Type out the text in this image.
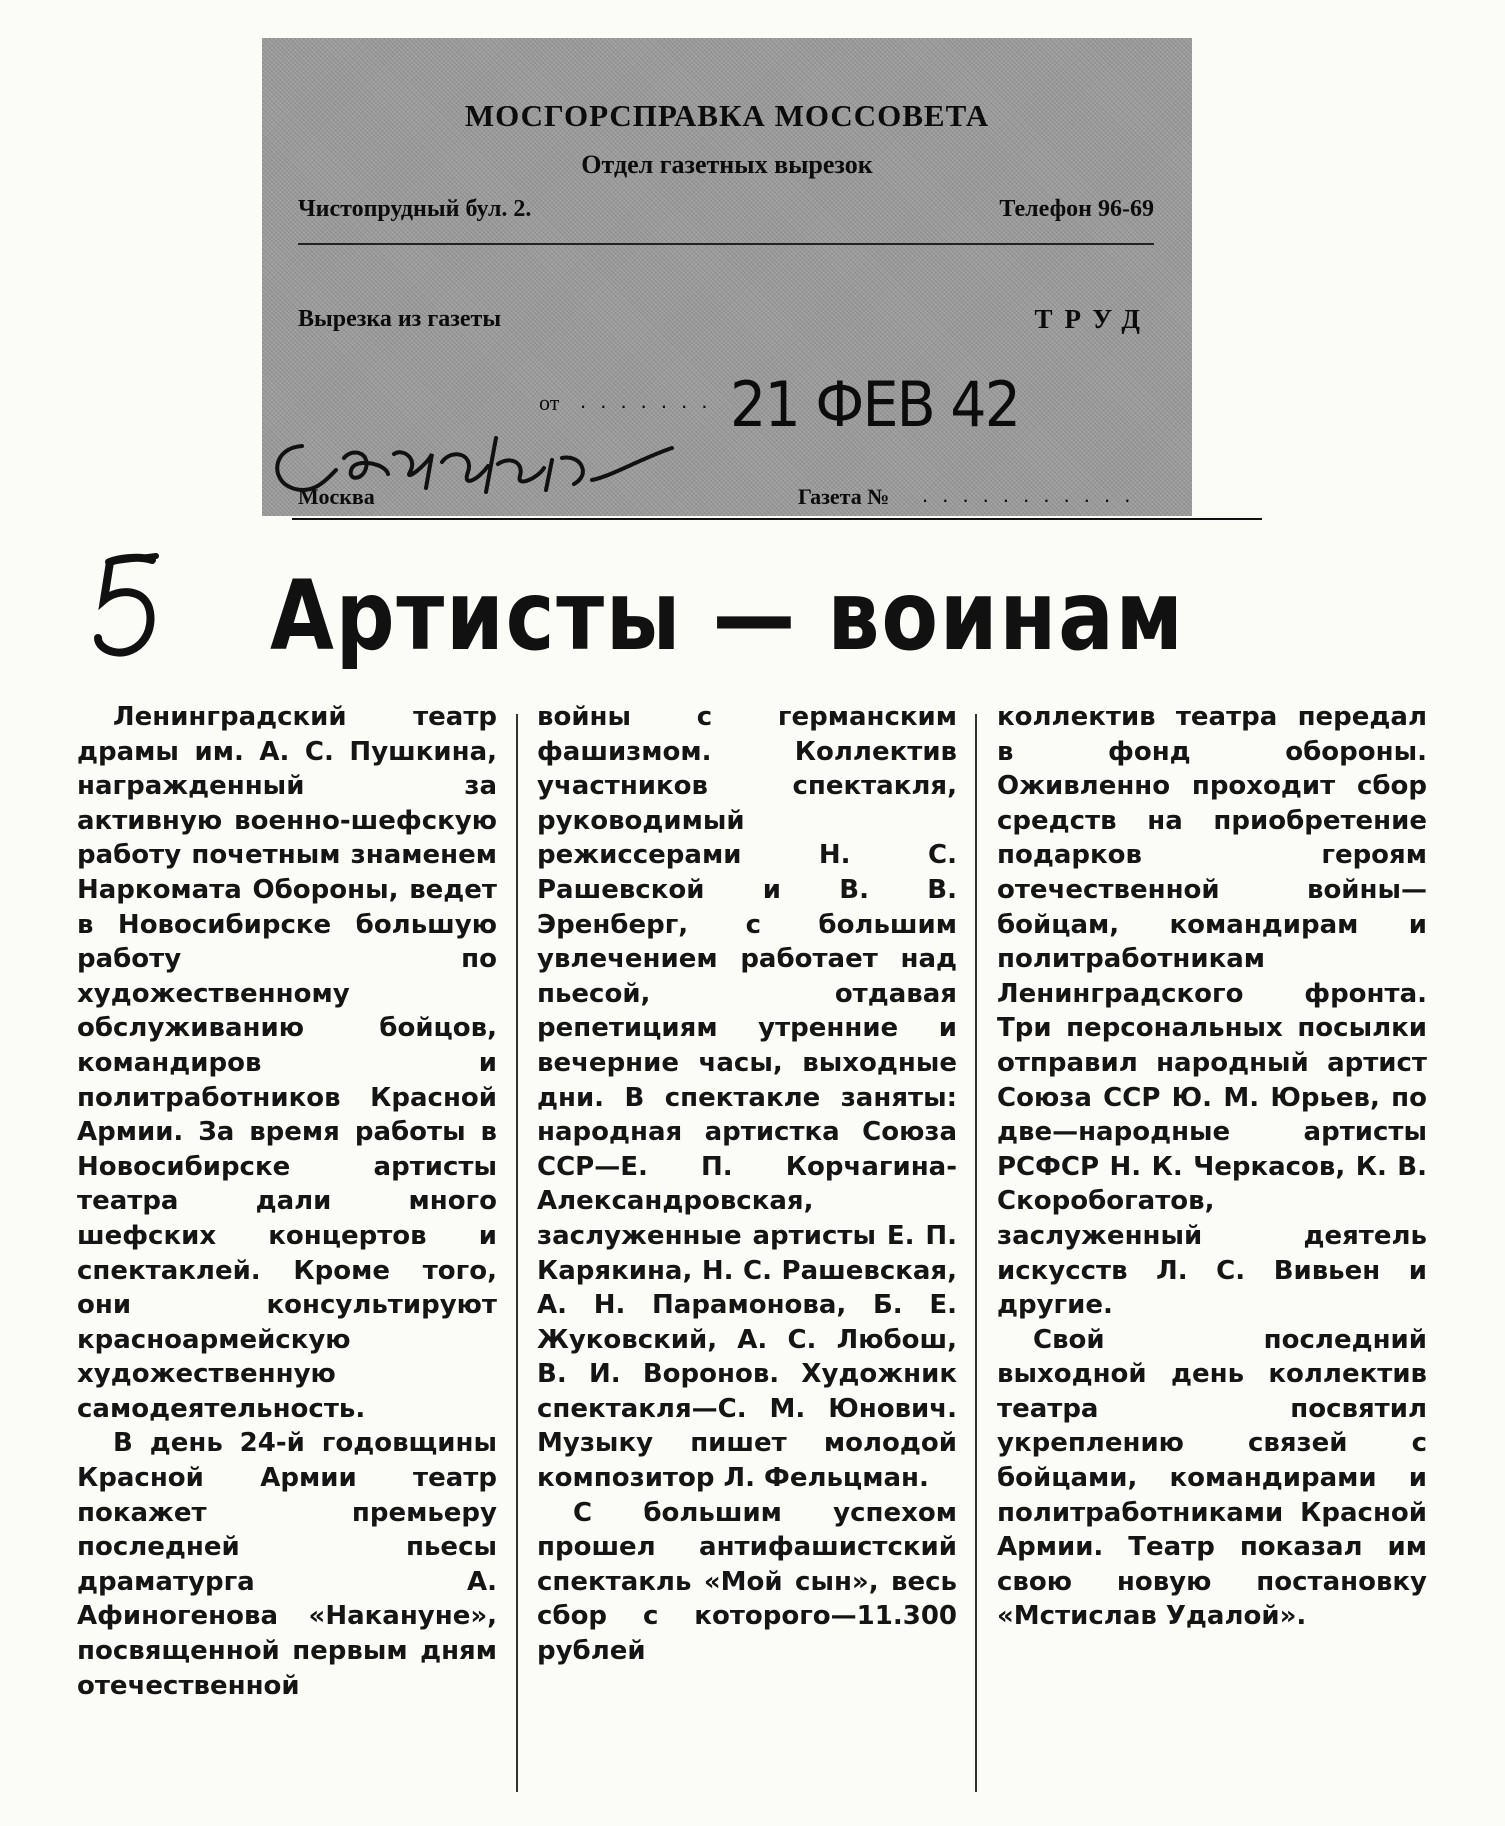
МОСГОРСПРАВКА МОССОВЕТА
Отдел газетных вырезок
Чистопрудный бул. 2.	Телефон 96-69
Вырезка из газеты	ТРУД
от . . . . . . . 21 ФЕВ 42
Москва	Газета № . . . . . . . . . . .
Артисты — воинам

Ленинградский театр драмы им. А. С. Пушкина, награжденный за активную военно-шефскую работу почетным знаменем Наркомата Обороны, ведет в Новосибирске большую работу по художественному обслуживанию бойцов, командиров и политработников Красной Армии. За время работы в Новосибирске артисты театра дали много шефских концертов и спектаклей. Кроме того, они консультируют красноармейскую художественную самодеятельность.

В день 24-й годовщины Красной Армии театр покажет премьеру последней пьесы драматурга А. Афиногенова «Накануне», посвященной первым дням отечественной

войны с германским фашизмом. Коллектив участников спектакля, руководимый режиссерами Н. С. Рашевской и В. В. Эренберг, с большим увлечением работает над пьесой, отдавая репетициям утренние и вечерние часы, выходные дни. В спектакле заняты: народная артистка Союза ССР—Е. П. Корчагина-Александровская, заслуженные артисты Е. П. Карякина, Н. С. Рашевская, А. Н. Парамонова, Б. Е. Жуковский, А. С. Любош, В. И. Воронов. Художник спектакля—С. М. Юнович. Музыку пишет молодой композитор Л. Фельцман.

С большим успехом прошел антифашистский спектакль «Мой сын», весь сбор с которого—11.300 рублей

коллектив театра передал в фонд обороны. Оживленно проходит сбор средств на приобретение подарков героям отечественной войны—бойцам, командирам и политработникам Ленинградского фронта. Три персональных посылки отправил народный артист Союза ССР Ю. М. Юрьев, по две—народные артисты РСФСР Н. К. Черкасов, К. В. Скоробогатов, заслуженный деятель искусств Л. С. Вивьен и другие.

Свой последний выходной день коллектив театра посвятил укреплению связей с бойцами, командирами и политработниками Красной Армии. Театр показал им свою новую постановку «Мстислав Удалой».
